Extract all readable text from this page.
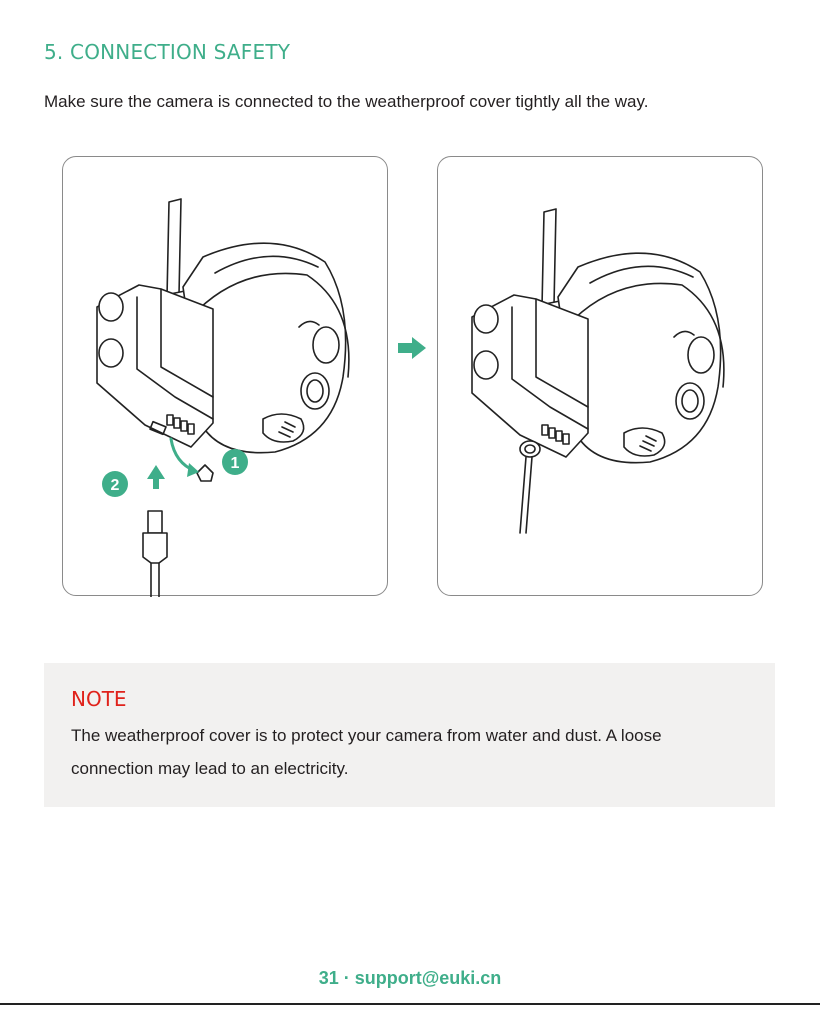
5. CONNECTION SAFETY

Make sure the camera is connected to the weatherproof cover tightly all the way.

1
2
NOTE

The weatherproof cover is to protect your camera from water and dust. A loose connection may lead to an electricity.

31 · support@euki.cn
